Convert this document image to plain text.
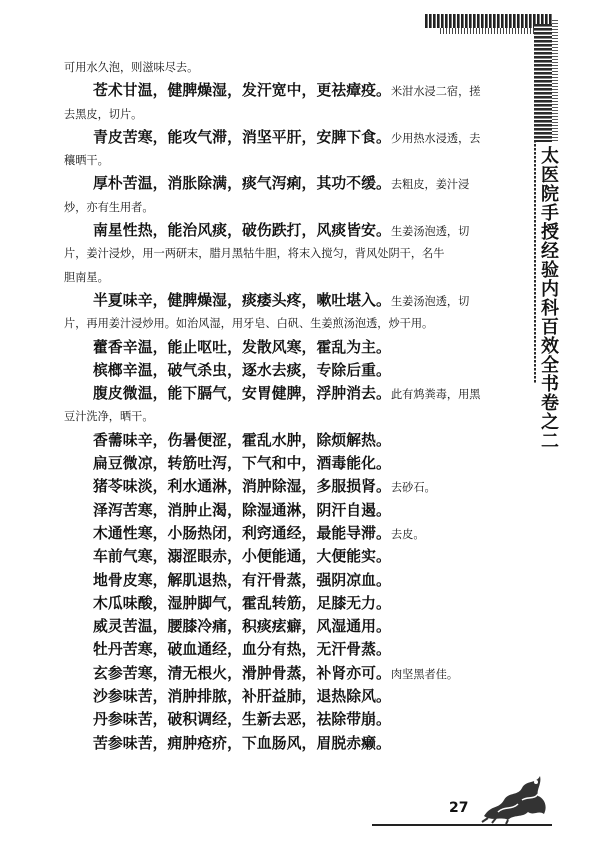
太医院手授经验内科百效全书卷之二
可用水久泡，则滋味尽去。
苍术甘温，健脾燥湿，发汗宽中，更祛瘴疫。米泔水浸二宿，搓
去黑皮，切片。
青皮苦寒，能攻气滞，消坚平肝，安脾下食。少用热水浸透，去
穰晒干。
厚朴苦温，消胀除满，痰气泻痢，其功不缓。去粗皮，姜汁浸
炒，亦有生用者。
南星性热，能治风痰，破伤跌打，风痰皆安。生姜汤泡透，切
片，姜汁浸炒，用一两研末，腊月黑牯牛胆，将末入搅匀，背风处阴干，名牛
胆南星。
半夏味辛，健脾燥湿，痰痿头疼，嗽吐堪入。生姜汤泡透，切
片，再用姜汁浸炒用。如治风湿，用牙皂、白矾、生姜煎汤泡透，炒干用。
藿香辛温，能止呕吐，发散风寒，霍乱为主。
槟榔辛温，破气杀虫，逐水去痰，专除后重。
腹皮微温，能下膈气，安胃健脾，浮肿消去。此有鸩粪毒，用黑
豆汁洗净，晒干。
香薷味辛，伤暑便涩，霍乱水肿，除烦解热。
扁豆微凉，转筋吐泻，下气和中，酒毒能化。
猪苓味淡，利水通淋，消肿除湿，多服损肾。去砂石。
泽泻苦寒，消肿止渴，除湿通淋，阴汗自遏。
木通性寒，小肠热闭，利窍通经，最能导滞。去皮。
车前气寒，溺涩眼赤，小便能通，大便能实。
地骨皮寒，解肌退热，有汗骨蒸，强阴凉血。
木瓜味酸，湿肿脚气，霍乱转筋，足膝无力。
威灵苦温，腰膝冷痛，积痰痃癖，风湿通用。
牡丹苦寒，破血通经，血分有热，无汗骨蒸。
玄参苦寒，清无根火，滑肿骨蒸，补肾亦可。肉坚黑者佳。
沙参味苦，消肿排脓，补肝益肺，退热除风。
丹参味苦，破积调经，生新去恶，祛除带崩。
苦参味苦，痈肿疮疥，下血肠风，眉脱赤癞。
27
